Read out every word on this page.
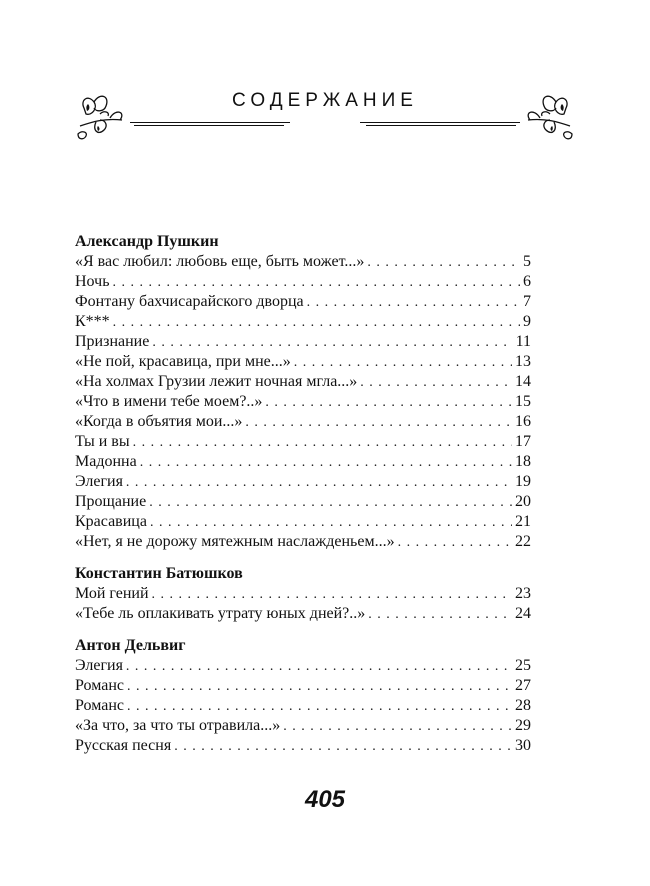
СОДЕРЖАНИЕ
Александр Пушкин
«Я вас любил: любовь еще, быть может...» . . .	5
Ночь . . .	6
Фонтану бахчисарайского дворца . . .	7
К*** . . .	9
Признание . . .	11
«Не пой, красавица, при мне...» . . .	13
«На холмах Грузии лежит ночная мгла...» . . .	14
«Что в имени тебе моем?..» . . .	15
«Когда в объятия мои...» . . .	16
Ты и вы . . .	17
Мадонна . . .	18
Элегия . . .	19
Прощание . . .	20
Красавица . . .	21
«Нет, я не дорожу мятежным наслажденьем...» . . .	22
Константин Батюшков
Мой гений . . .	23
«Тебе ль оплакивать утрату юных дней?..» . . .	24
Антон Дельвиг
Элегия . . .	25
Романс . . .	27
Романс . . .	28
«За что, за что ты отравила...» . . .	29
Русская песня . . .	30
405
